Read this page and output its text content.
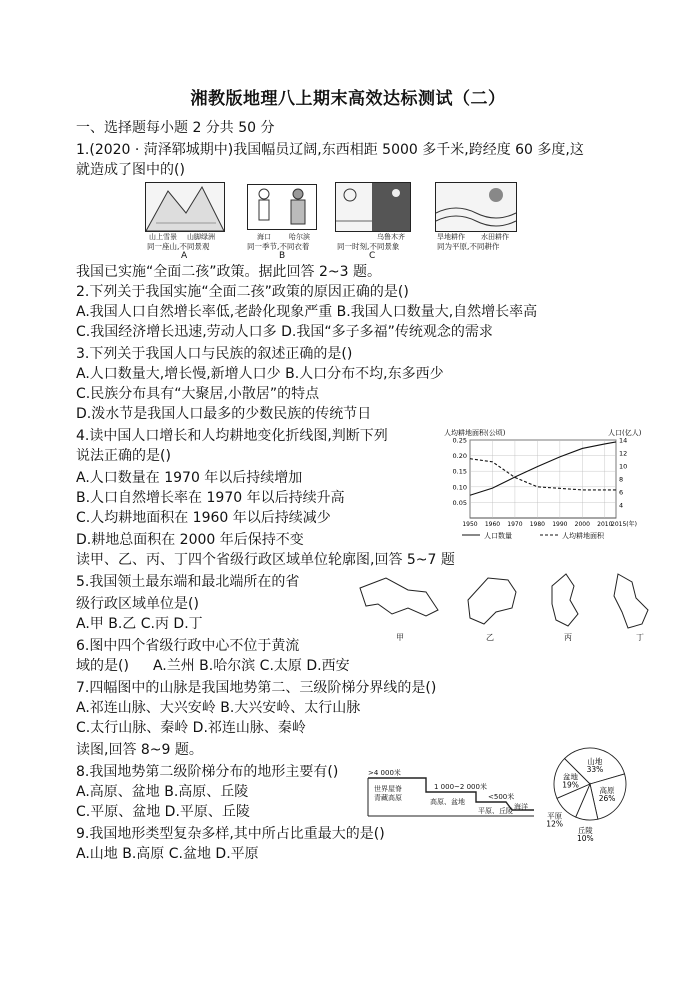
湘教版地理八上期末高效达标测试（二）
一、选择题每小题 2 分共 50 分
1.(2020 · 菏泽郓城期中)我国幅员辽阔,东西相距 5000 多千米,跨经度 60 多度,这
就造成了图中的()
山上雪景 山脚绿洲
同一座山,不同景观
A
海口	哈尔滨
同一季节,不同衣着
B
乌鲁木齐
同一时刻,不同景象
C
旱地耕作 水田耕作
同为平原,不同耕作
我国已实施“全面二孩”政策。据此回答 2~3 题。
2.下列关于我国实施“全面二孩”政策的原因正确的是()
A.我国人口自然增长率低,老龄化现象严重 B.我国人口数量大,自然增长率高
C.我国经济增长迅速,劳动人口多 D.我国“多子多福”传统观念的需求
3.下列关于我国人口与民族的叙述正确的是()
A.人口数量大,增长慢,新增人口少 B.人口分布不均,东多西少
C.民族分布具有“大聚居,小散居”的特点
D.泼水节是我国人口最多的少数民族的传统节日
4.读中国人口增长和人均耕地变化折线图,判断下列
说法正确的是()
A.人口数量在 1970 年以后持续增加
B.人口自然增长率在 1970 年以后持续升高
C.人均耕地面积在 1960 年以后持续减少
D.耕地总面积在 2000 年后保持不变
人均耕地面积(公顷)	人口(亿人)
0.25
0.20
0.15
0.10
0.05
14
12
10
8
6
4
1950 1960 1970 1980 1990 2000 2010
2015(年)
人口数量	人均耕地面积
读甲、乙、丙、丁四个省级行政区域单位轮廓图,回答 5~7 题
5.我国领土最东端和最北端所在的省
级行政区域单位是()
A.甲 B.乙 C.丙 D.丁
6.图中四个省级行政中心不位于黄流
域的是() A.兰州 B.哈尔滨 C.太原 D.西安
甲	乙	丙	丁
7.四幅图中的山脉是我国地势第二、三级阶梯分界线的是()
A.祁连山脉、大兴安岭 B.大兴安岭、太行山脉
C.太行山脉、秦岭 D.祁连山脉、秦岭
读图,回答 8~9 题。
8.我国地势第二级阶梯分布的地形主要有()
A.高原、盆地 B.高原、丘陵
C.平原、盆地 D.平原、丘陵
9.我国地形类型复杂多样,其中所占比重最大的是()
A.山地 B.高原 C.盆地 D.平原
>4 000米
1 000~2 000米
<500米
世界屋脊
青藏高原	高原、盆地
平原、丘陵 海洋
山地
33%
高原
26%
丘陵
10%
平原
12%
盆地
19%
